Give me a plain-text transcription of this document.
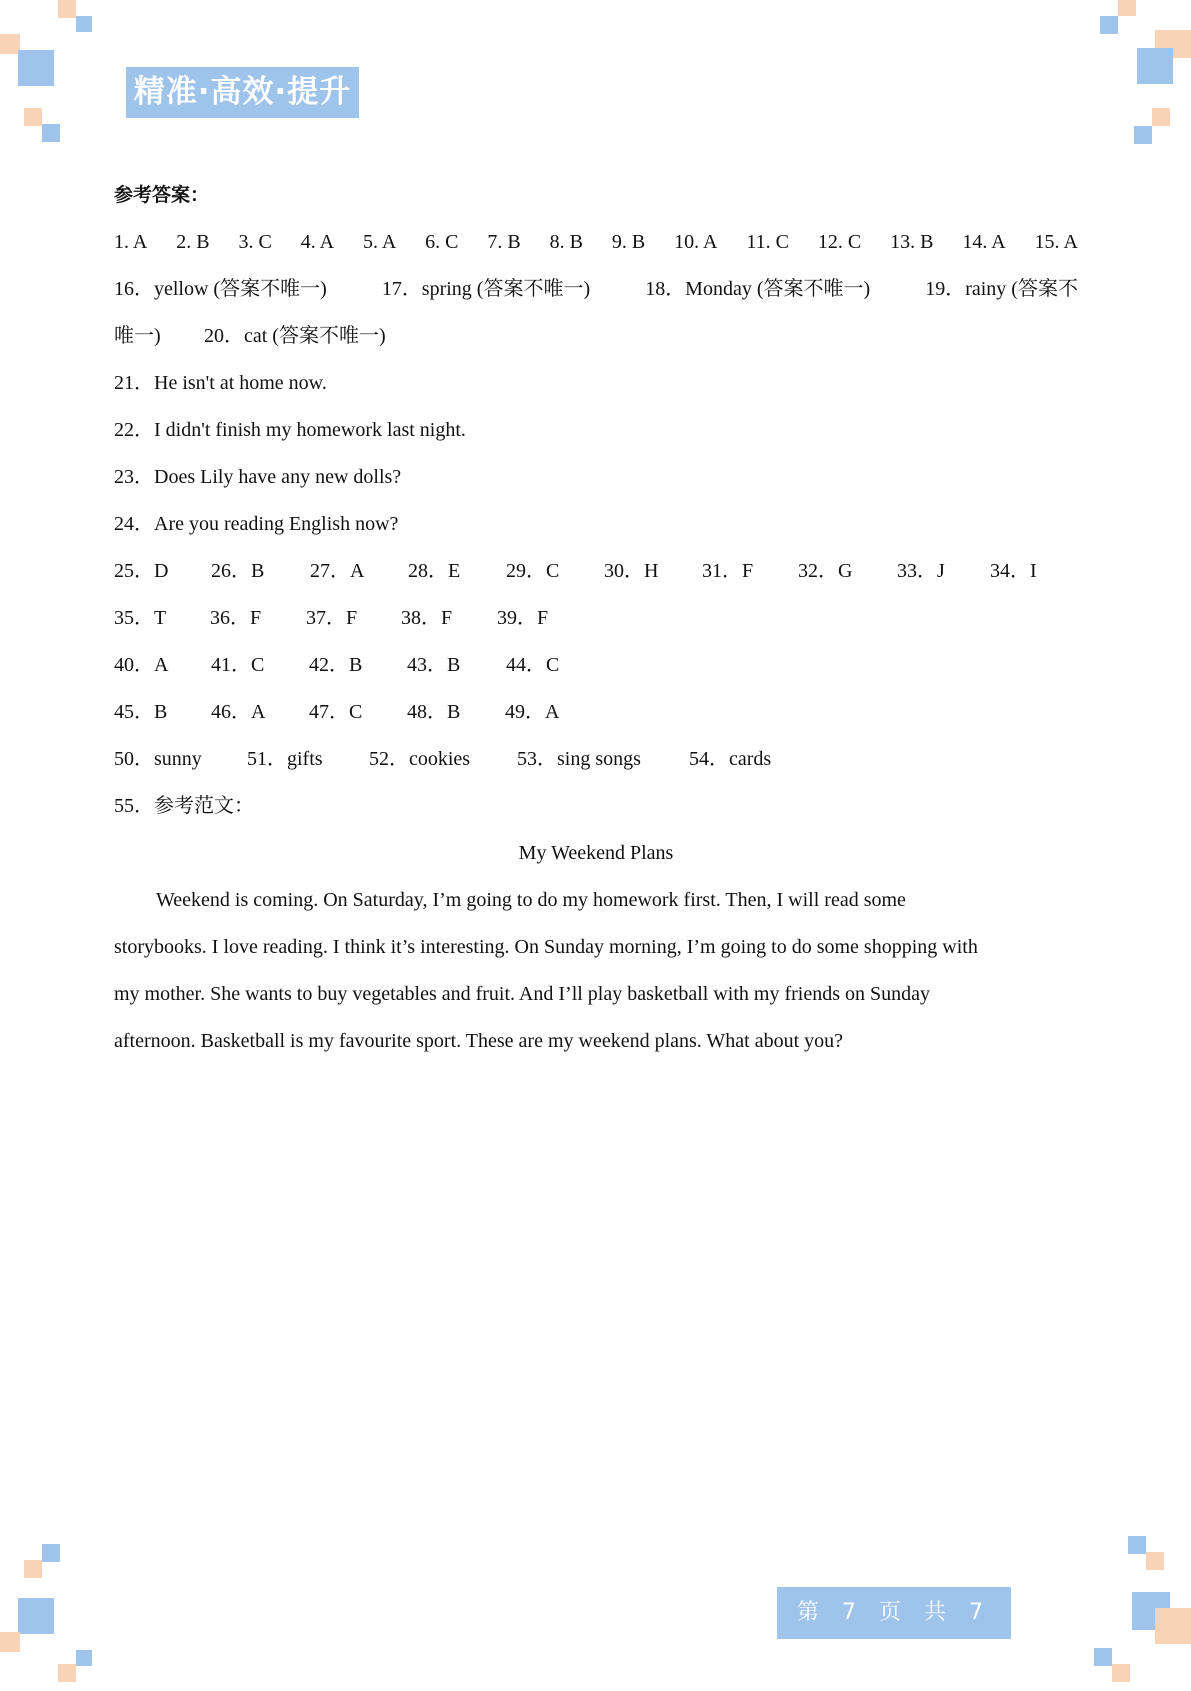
精准·高效·提升
参考答案：
1. A 2. B 3. C 4. A 5. A 6. C 7. B 8. B 9. B 10. A 11. C 12. C 13. B 14. A 15. A
16．yellow (答案不唯一)	17．spring (答案不唯一)	18．Monday (答案不唯一)	19．rainy (答案不
唯一) 20．cat (答案不唯一)
21．He isn't at home now.
22．I didn't finish my homework last night.
23．Does Lily have any new dolls?
24．Are you reading English now?
25．D 26．B 27．A 28．E 29．C 30．H 31．F 32．G 33．J 34．I
35．T 36．F 37．F 38．F 39．F
40．A 41．C 42．B 43．B 44．C
45．B 46．A 47．C 48．B 49．A
50．sunny 51．gifts 52．cookies 53．sing songs 54．cards
55．参考范文：
My Weekend Plans
Weekend is coming. On Saturday, I’m going to do my homework first. Then, I will read some
storybooks. I love reading. I think it’s interesting. On Sunday morning, I’m going to do some shopping with
my mother. She wants to buy vegetables and fruit. And I’ll play basketball with my friends on Sunday
afternoon. Basketball is my favourite sport. These are my weekend plans. What about you?
第 7 页 共 7 页
